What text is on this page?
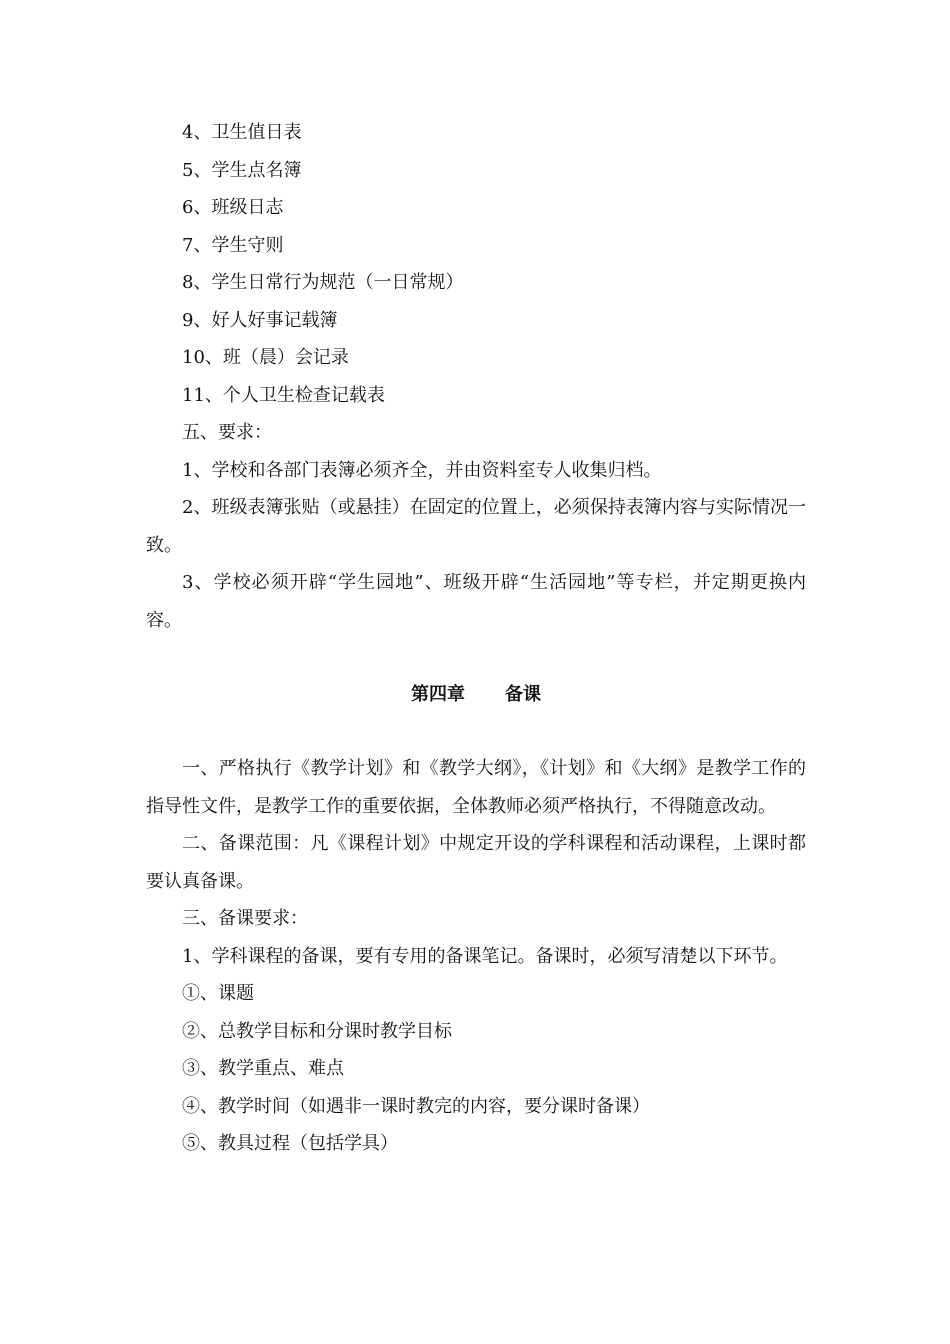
4、卫生值日表

5、学生点名簿

6、班级日志

7、学生守则

8、学生日常行为规范（一日常规）

9、好人好事记载簿

10、班（晨）会记录

11、个人卫生检查记载表

五、要求：

1、学校和各部门表簿必须齐全，并由资料室专人收集归档。

2、班级表簿张贴（或悬挂）在固定的位置上，必须保持表簿内容与实际情况一致。

3、学校必须开辟“学生园地”、班级开辟“生活园地”等专栏，并定期更换内容。

第四章 备课

一、严格执行《教学计划》和《教学大纲》，《计划》和《大纲》是教学工作的指导性文件，是教学工作的重要依据，全体教师必须严格执行，不得随意改动。

二、备课范围：凡《课程计划》中规定开设的学科课程和活动课程，上课时都要认真备课。

三、备课要求：

1、学科课程的备课，要有专用的备课笔记。备课时，必须写清楚以下环节。

①、课题

②、总教学目标和分课时教学目标

③、教学重点、难点

④、教学时间（如遇非一课时教完的内容，要分课时备课）

⑤、教具过程（包括学具）
